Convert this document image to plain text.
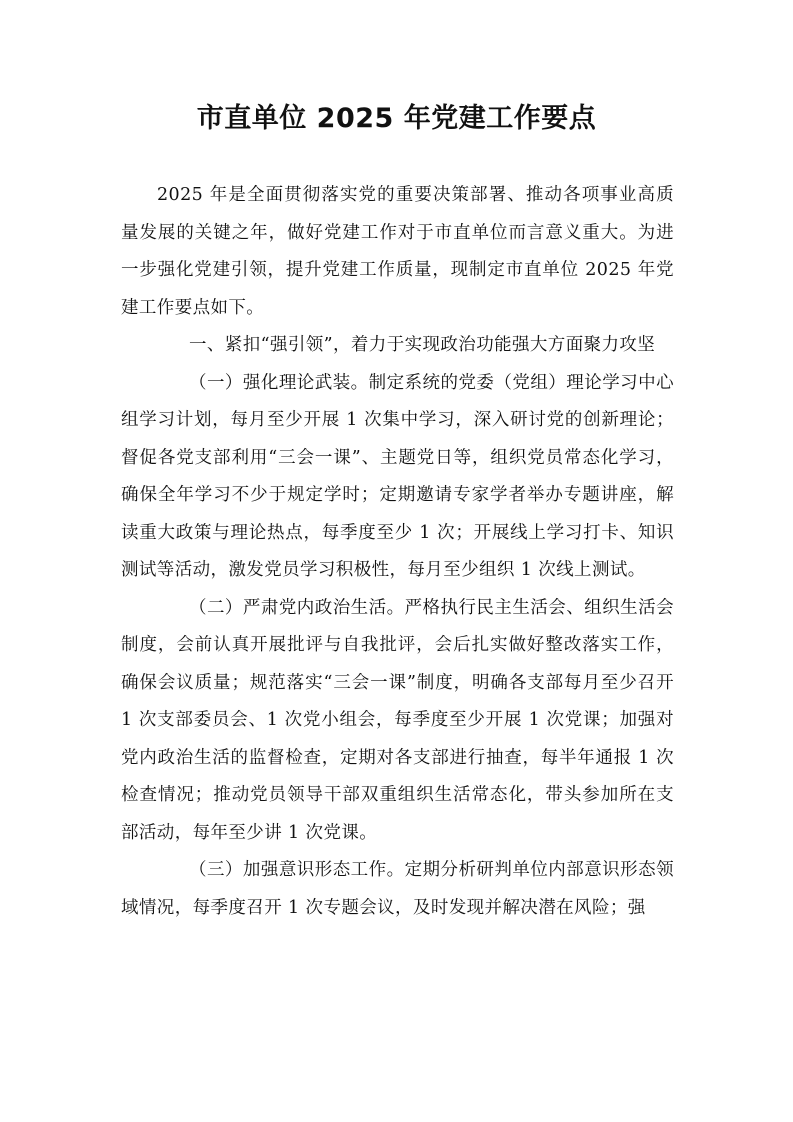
市直单位 2025 年党建工作要点

2025 年是全面贯彻落实党的重要决策部署、推动各项事业高质量发展的关键之年，做好党建工作对于市直单位而言意义重大。为进一步强化党建引领，提升党建工作质量，现制定市直单位 2025 年党建工作要点如下。

一、紧扣“强引领”，着力于实现政治功能强大方面聚力攻坚

（一）强化理论武装。制定系统的党委（党组）理论学习中心组学习计划，每月至少开展 1 次集中学习，深入研讨党的创新理论；督促各党支部利用“三会一课”、主题党日等，组织党员常态化学习，确保全年学习不少于规定学时；定期邀请专家学者举办专题讲座，解读重大政策与理论热点，每季度至少 1 次；开展线上学习打卡、知识测试等活动，激发党员学习积极性，每月至少组织 1 次线上测试。

（二）严肃党内政治生活。严格执行民主生活会、组织生活会制度，会前认真开展批评与自我批评，会后扎实做好整改落实工作，确保会议质量；规范落实“三会一课”制度，明确各支部每月至少召开 1 次支部委员会、1 次党小组会，每季度至少开展 1 次党课；加强对党内政治生活的监督检查，定期对各支部进行抽查，每半年通报 1 次检查情况；推动党员领导干部双重组织生活常态化，带头参加所在支部活动，每年至少讲 1 次党课。

（三）加强意识形态工作。定期分析研判单位内部意识形态领域情况，每季度召开 1 次专题会议，及时发现并解决潜在风险；强
